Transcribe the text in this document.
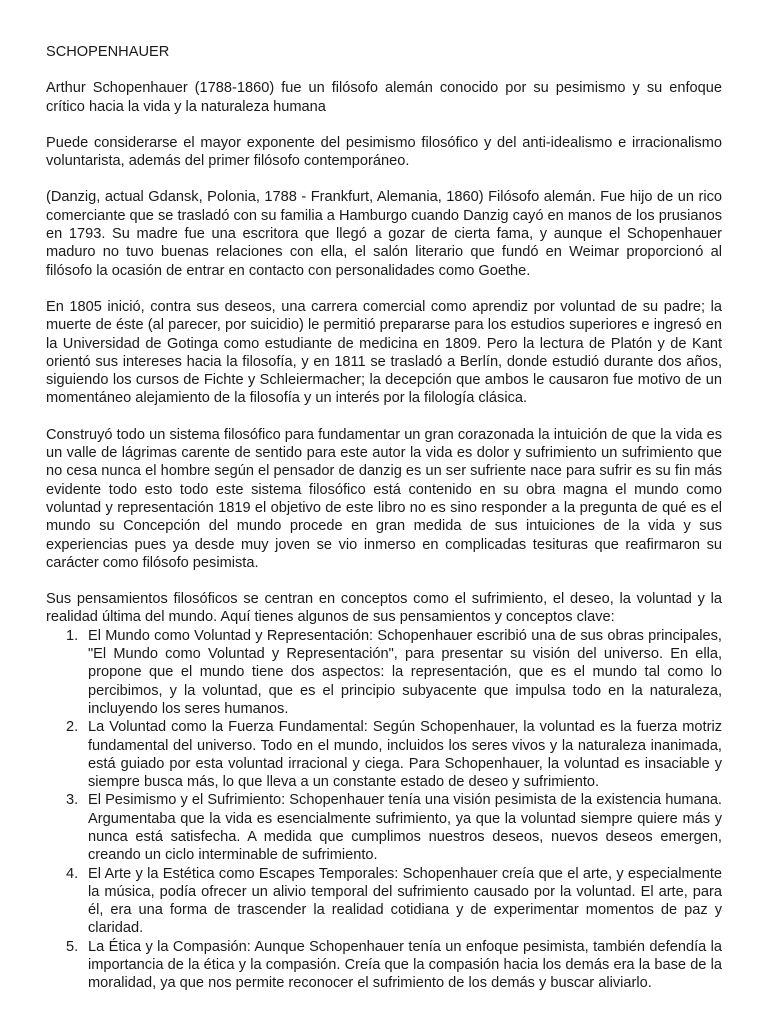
SCHOPENHAUER

Arthur Schopenhauer (1788-1860) fue un filósofo alemán conocido por su pesimismo y su enfoque crítico hacia la vida y la naturaleza humana

Puede considerarse el mayor exponente del pesimismo filosófico y del anti-idealismo e irracionalismo voluntarista, además del primer filósofo contemporáneo.

(Danzig, actual Gdansk, Polonia, 1788 - Frankfurt, Alemania, 1860) Filósofo alemán. Fue hijo de un rico comerciante que se trasladó con su familia a Hamburgo cuando Danzig cayó en manos de los prusianos en 1793. Su madre fue una escritora que llegó a gozar de cierta fama, y aunque el Schopenhauer maduro no tuvo buenas relaciones con ella, el salón literario que fundó en Weimar proporcionó al filósofo la ocasión de entrar en contacto con personalidades como Goethe.

En 1805 inició, contra sus deseos, una carrera comercial como aprendiz por voluntad de su padre; la muerte de éste (al parecer, por suicidio) le permitió prepararse para los estudios superiores e ingresó en la Universidad de Gotinga como estudiante de medicina en 1809. Pero la lectura de Platón y de Kant orientó sus intereses hacia la filosofía, y en 1811 se trasladó a Berlín, donde estudió durante dos años, siguiendo los cursos de Fichte y Schleiermacher; la decepción que ambos le causaron fue motivo de un momentáneo alejamiento de la filosofía y un interés por la filología clásica.

Construyó todo un sistema filosófico para fundamentar un gran corazonada la intuición de que la vida es un valle de lágrimas carente de sentido para este autor la vida es dolor y sufrimiento un sufrimiento que no cesa nunca el hombre según el pensador de danzig es un ser sufriente nace para sufrir es su fin más evidente todo esto todo este sistema filosófico está contenido en su obra magna el mundo como voluntad y representación 1819 el objetivo de este libro no es sino responder a la pregunta de qué es el mundo su Concepción del mundo procede en gran medida de sus intuiciones de la vida y sus experiencias pues ya desde muy joven se vio inmerso en complicadas tesituras que reafirmaron su carácter como filósofo pesimista.

Sus pensamientos filosóficos se centran en conceptos como el sufrimiento, el deseo, la voluntad y la realidad última del mundo. Aquí tienes algunos de sus pensamientos y conceptos clave:

1. El Mundo como Voluntad y Representación: Schopenhauer escribió una de sus obras principales, "El Mundo como Voluntad y Representación", para presentar su visión del universo. En ella, propone que el mundo tiene dos aspectos: la representación, que es el mundo tal como lo percibimos, y la voluntad, que es el principio subyacente que impulsa todo en la naturaleza, incluyendo los seres humanos.
2. La Voluntad como la Fuerza Fundamental: Según Schopenhauer, la voluntad es la fuerza motriz fundamental del universo. Todo en el mundo, incluidos los seres vivos y la naturaleza inanimada, está guiado por esta voluntad irracional y ciega. Para Schopenhauer, la voluntad es insaciable y siempre busca más, lo que lleva a un constante estado de deseo y sufrimiento.
3. El Pesimismo y el Sufrimiento: Schopenhauer tenía una visión pesimista de la existencia humana. Argumentaba que la vida es esencialmente sufrimiento, ya que la voluntad siempre quiere más y nunca está satisfecha. A medida que cumplimos nuestros deseos, nuevos deseos emergen, creando un ciclo interminable de sufrimiento.
4. El Arte y la Estética como Escapes Temporales: Schopenhauer creía que el arte, y especialmente la música, podía ofrecer un alivio temporal del sufrimiento causado por la voluntad. El arte, para él, era una forma de trascender la realidad cotidiana y de experimentar momentos de paz y claridad.
5. La Ética y la Compasión: Aunque Schopenhauer tenía un enfoque pesimista, también defendía la importancia de la ética y la compasión. Creía que la compasión hacia los demás era la base de la moralidad, ya que nos permite reconocer el sufrimiento de los demás y buscar aliviarlo.
